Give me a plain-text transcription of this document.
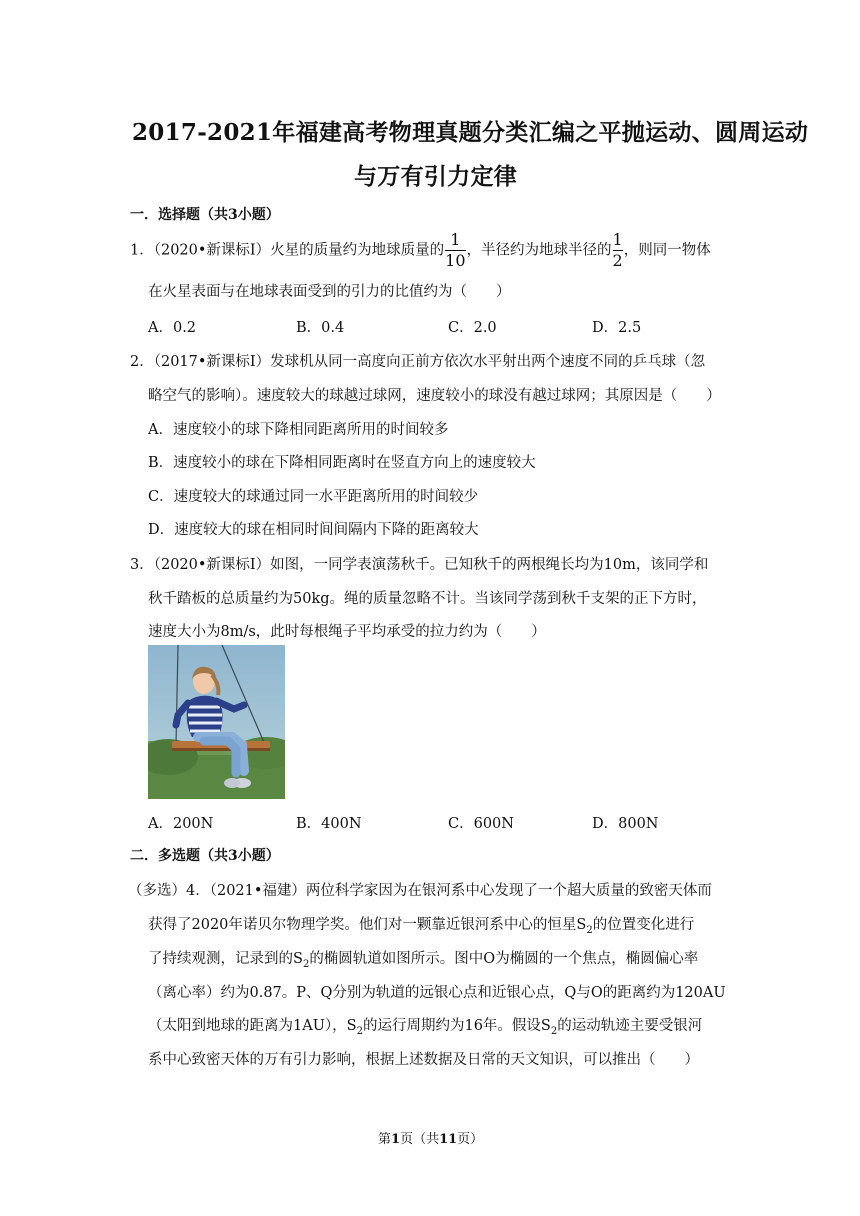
2017-2021年福建高考物理真题分类汇编之平抛运动、圆周运动
与万有引力定律
一．选择题（共3小题）
1．（2020•新课标Ⅰ）火星的质量约为地球质量的 $\frac{1}{10}$ ，半径约为地球半径的 $\frac{1}{2}$ ，则同一物体
在火星表面与在地球表面受到的引力的比值约为（　　）
A．0.2	B．0.4	C．2.0	D．2.5
2．（2017•新课标Ⅰ）发球机从同一高度向正前方依次水平射出两个速度不同的乒乓球（忽
略空气的影响）。速度较大的球越过球网，速度较小的球没有越过球网；其原因是（　　）
A．速度较小的球下降相同距离所用的时间较多
B．速度较小的球在下降相同距离时在竖直方向上的速度较大
C．速度较大的球通过同一水平距离所用的时间较少
D．速度较大的球在相同时间间隔内下降的距离较大
3．（2020•新课标Ⅰ）如图，一同学表演荡秋千。已知秋千的两根绳长均为10m，该同学和
秋千踏板的总质量约为50kg。绳的质量忽略不计。当该同学荡到秋千支架的正下方时，
速度大小为8m/s，此时每根绳子平均承受的拉力约为（　　）
A．200N	B．400N	C．600N	D．800N
二．多选题（共3小题）
（多选）4．（2021•福建）两位科学家因为在银河系中心发现了一个超大质量的致密天体而
获得了2020年诺贝尔物理学奖。他们对一颗靠近银河系中心的恒星$S_2$的位置变化进行
了持续观测，记录到的$S_2$的椭圆轨道如图所示。图中O为椭圆的一个焦点，椭圆偏心率
（离心率）约为0.87。P、Q分别为轨道的远银心点和近银心点，Q与O的距离约为120AU
（太阳到地球的距离为1AU），$S_2$的运行周期约为16年。假设$S_2$的运动轨迹主要受银河
系中心致密天体的万有引力影响，根据上述数据及日常的天文知识，可以推出（　　）
第1页（共11页）
